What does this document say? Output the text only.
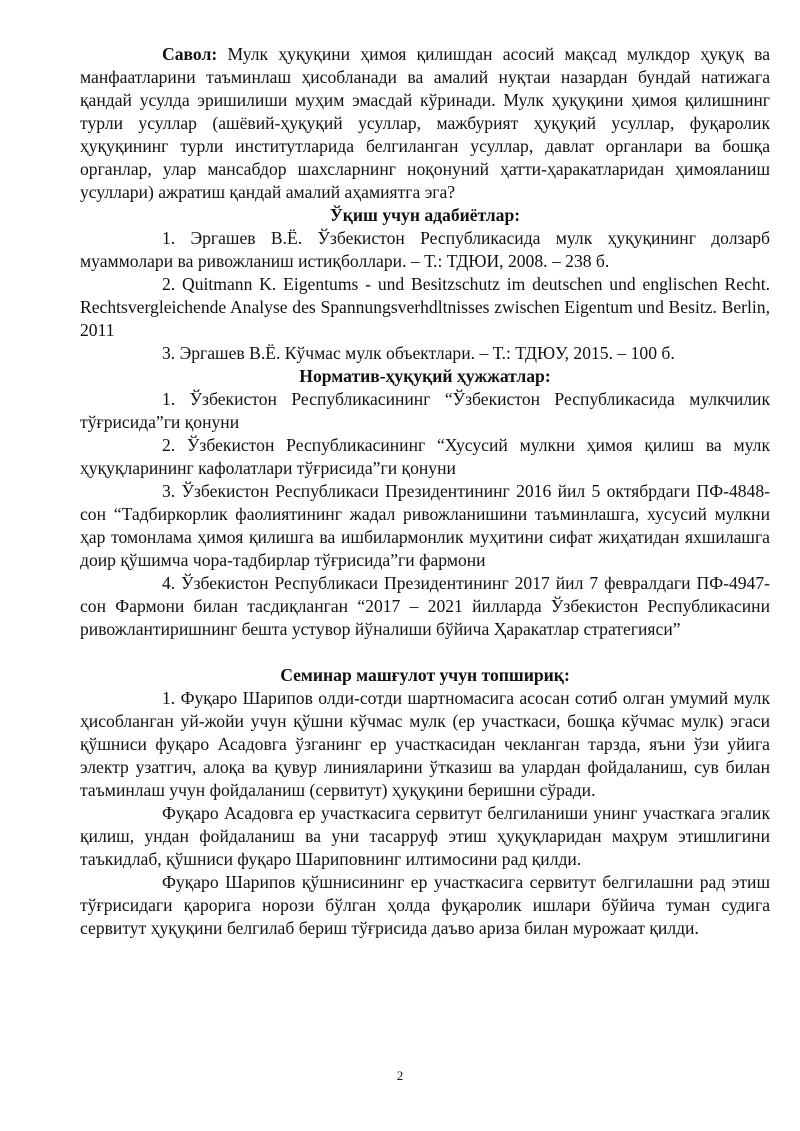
Савол: Мулк ҳуқуқини ҳимоя қилишдан асосий мақсад мулкдор ҳуқуқ ва манфаатларини таъминлаш ҳисобланади ва амалий нуқтаи назардан бундай натижага қандай усулда эришилиши муҳим эмасдай кўринади. Мулк ҳуқуқини ҳимоя қилишнинг турли усуллар (ашёвий-ҳуқуқий усуллар, мажбурият ҳуқуқий усуллар, фуқаролик ҳуқуқининг турли институтларида белгиланган усуллар, давлат органлари ва бошқа органлар, улар мансабдор шахсларнинг ноқонуний ҳатти-ҳаракатларидан ҳимояланиш усуллари) ажратиш қандай амалий аҳамиятга эга?

Ўқиш учун адабиётлар:

1. Эргашев В.Ё. Ўзбекистон Республикасида мулк ҳуқуқининг долзарб муаммолари ва ривожланиш истиқболлари. – Т.: ТДЮИ, 2008. – 238 б.

2. Quitmann K. Eigentums - und Besitzschutz im deutschen und englischen Recht. Rechtsvergleichende Analyse des Spannungsverhdltnisses zwischen Eigentum und Besitz. Berlin, 2011

3. Эргашев В.Ё. Кўчмас мулк объектлари. – Т.: ТДЮУ, 2015. – 100 б.

Норматив-ҳуқуқий ҳужжатлар:

1. Ўзбекистон Республикасининг “Ўзбекистон Республикасида мулкчилик тўғрисида”ги қонуни

2. Ўзбекистон Республикасининг “Хусусий мулкни ҳимоя қилиш ва мулк ҳуқуқларининг кафолатлари тўғрисида”ги қонуни

3. Ўзбекистон Республикаси Президентининг 2016 йил 5 октябрдаги ПФ-4848-сон “Тадбиркорлик фаолиятининг жадал ривожланишини таъминлашга, хусусий мулкни ҳар томонлама ҳимоя қилишга ва ишбилармонлик муҳитини сифат жиҳатидан яхшилашга доир қўшимча чора-тадбирлар тўғрисида”ги фармони

4. Ўзбекистон Республикаси Президентининг 2017 йил 7 февралдаги ПФ-4947-сон Фармони билан тасдиқланган “2017 – 2021 йилларда Ўзбекистон Республикасини ривожлантиришнинг бешта устувор йўналиши бўйича Ҳаракатлар стратегияси”

Семинар машғулот учун топшириқ:

1. Фуқаро Шарипов олди-сотди шартномасига асосан сотиб олган умумий мулк ҳисобланган уй-жойи учун қўшни кўчмас мулк (ер участкаси, бошқа кўчмас мулк) эгаси қўшниси фуқаро Асадовга ўзганинг ер участкасидан чекланган тарзда, яъни ўзи уйига электр узатгич, алоқа ва қувур линияларини ўтказиш ва улардан фойдаланиш, сув билан таъминлаш учун фойдаланиш (сервитут) ҳуқуқини беришни сўради.

Фуқаро Асадовга ер участкасига сервитут белгиланиши унинг участкага эгалик қилиш, ундан фойдаланиш ва уни тасарруф этиш ҳуқуқларидан маҳрум этишлигини таъкидлаб, қўшниси фуқаро Шариповнинг илтимосини рад қилди.

Фуқаро Шарипов қўшнисининг ер участкасига сервитут белгилашни рад этиш тўғрисидаги қарорига норози бўлган ҳолда фуқаролик ишлари бўйича туман судига сервитут ҳуқуқини белгилаб бериш тўғрисида даъво ариза билан мурожаат қилди.

2
